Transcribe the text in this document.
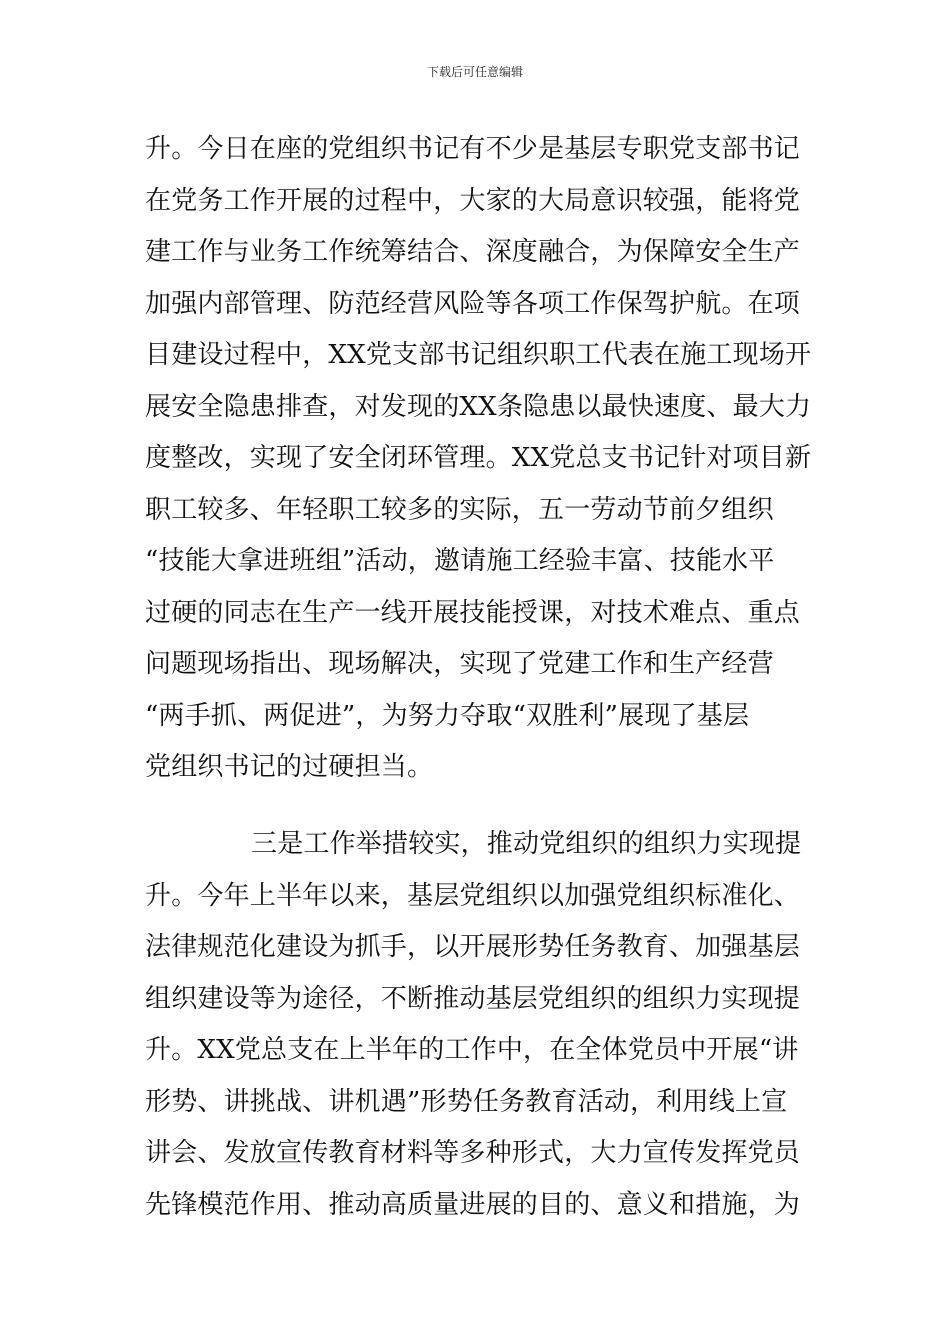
下载后可任意编辑
升。今日在座的党组织书记有不少是基层专职党支部书记
在党务工作开展的过程中，大家的大局意识较强，能将党
建工作与业务工作统筹结合、深度融合，为保障安全生产
加强内部管理、防范经营风险等各项工作保驾护航。在项
目建设过程中，XX党支部书记组织职工代表在施工现场开
展安全隐患排查，对发现的XX条隐患以最快速度、最大力
度整改，实现了安全闭环管理。XX党总支书记针对项目新
职工较多、年轻职工较多的实际，五一劳动节前夕组织
“技能大拿进班组”活动，邀请施工经验丰富、技能水平
过硬的同志在生产一线开展技能授课，对技术难点、重点
问题现场指出、现场解决，实现了党建工作和生产经营
“两手抓、两促进”，为努力夺取“双胜利”展现了基层
党组织书记的过硬担当。
三是工作举措较实，推动党组织的组织力实现提
升。今年上半年以来，基层党组织以加强党组织标准化、
法律规范化建设为抓手，以开展形势任务教育、加强基层
组织建设等为途径，不断推动基层党组织的组织力实现提
升。XX党总支在上半年的工作中，在全体党员中开展“讲
形势、讲挑战、讲机遇”形势任务教育活动，利用线上宣
讲会、发放宣传教育材料等多种形式，大力宣传发挥党员
先锋模范作用、推动高质量进展的目的、意义和措施，为
